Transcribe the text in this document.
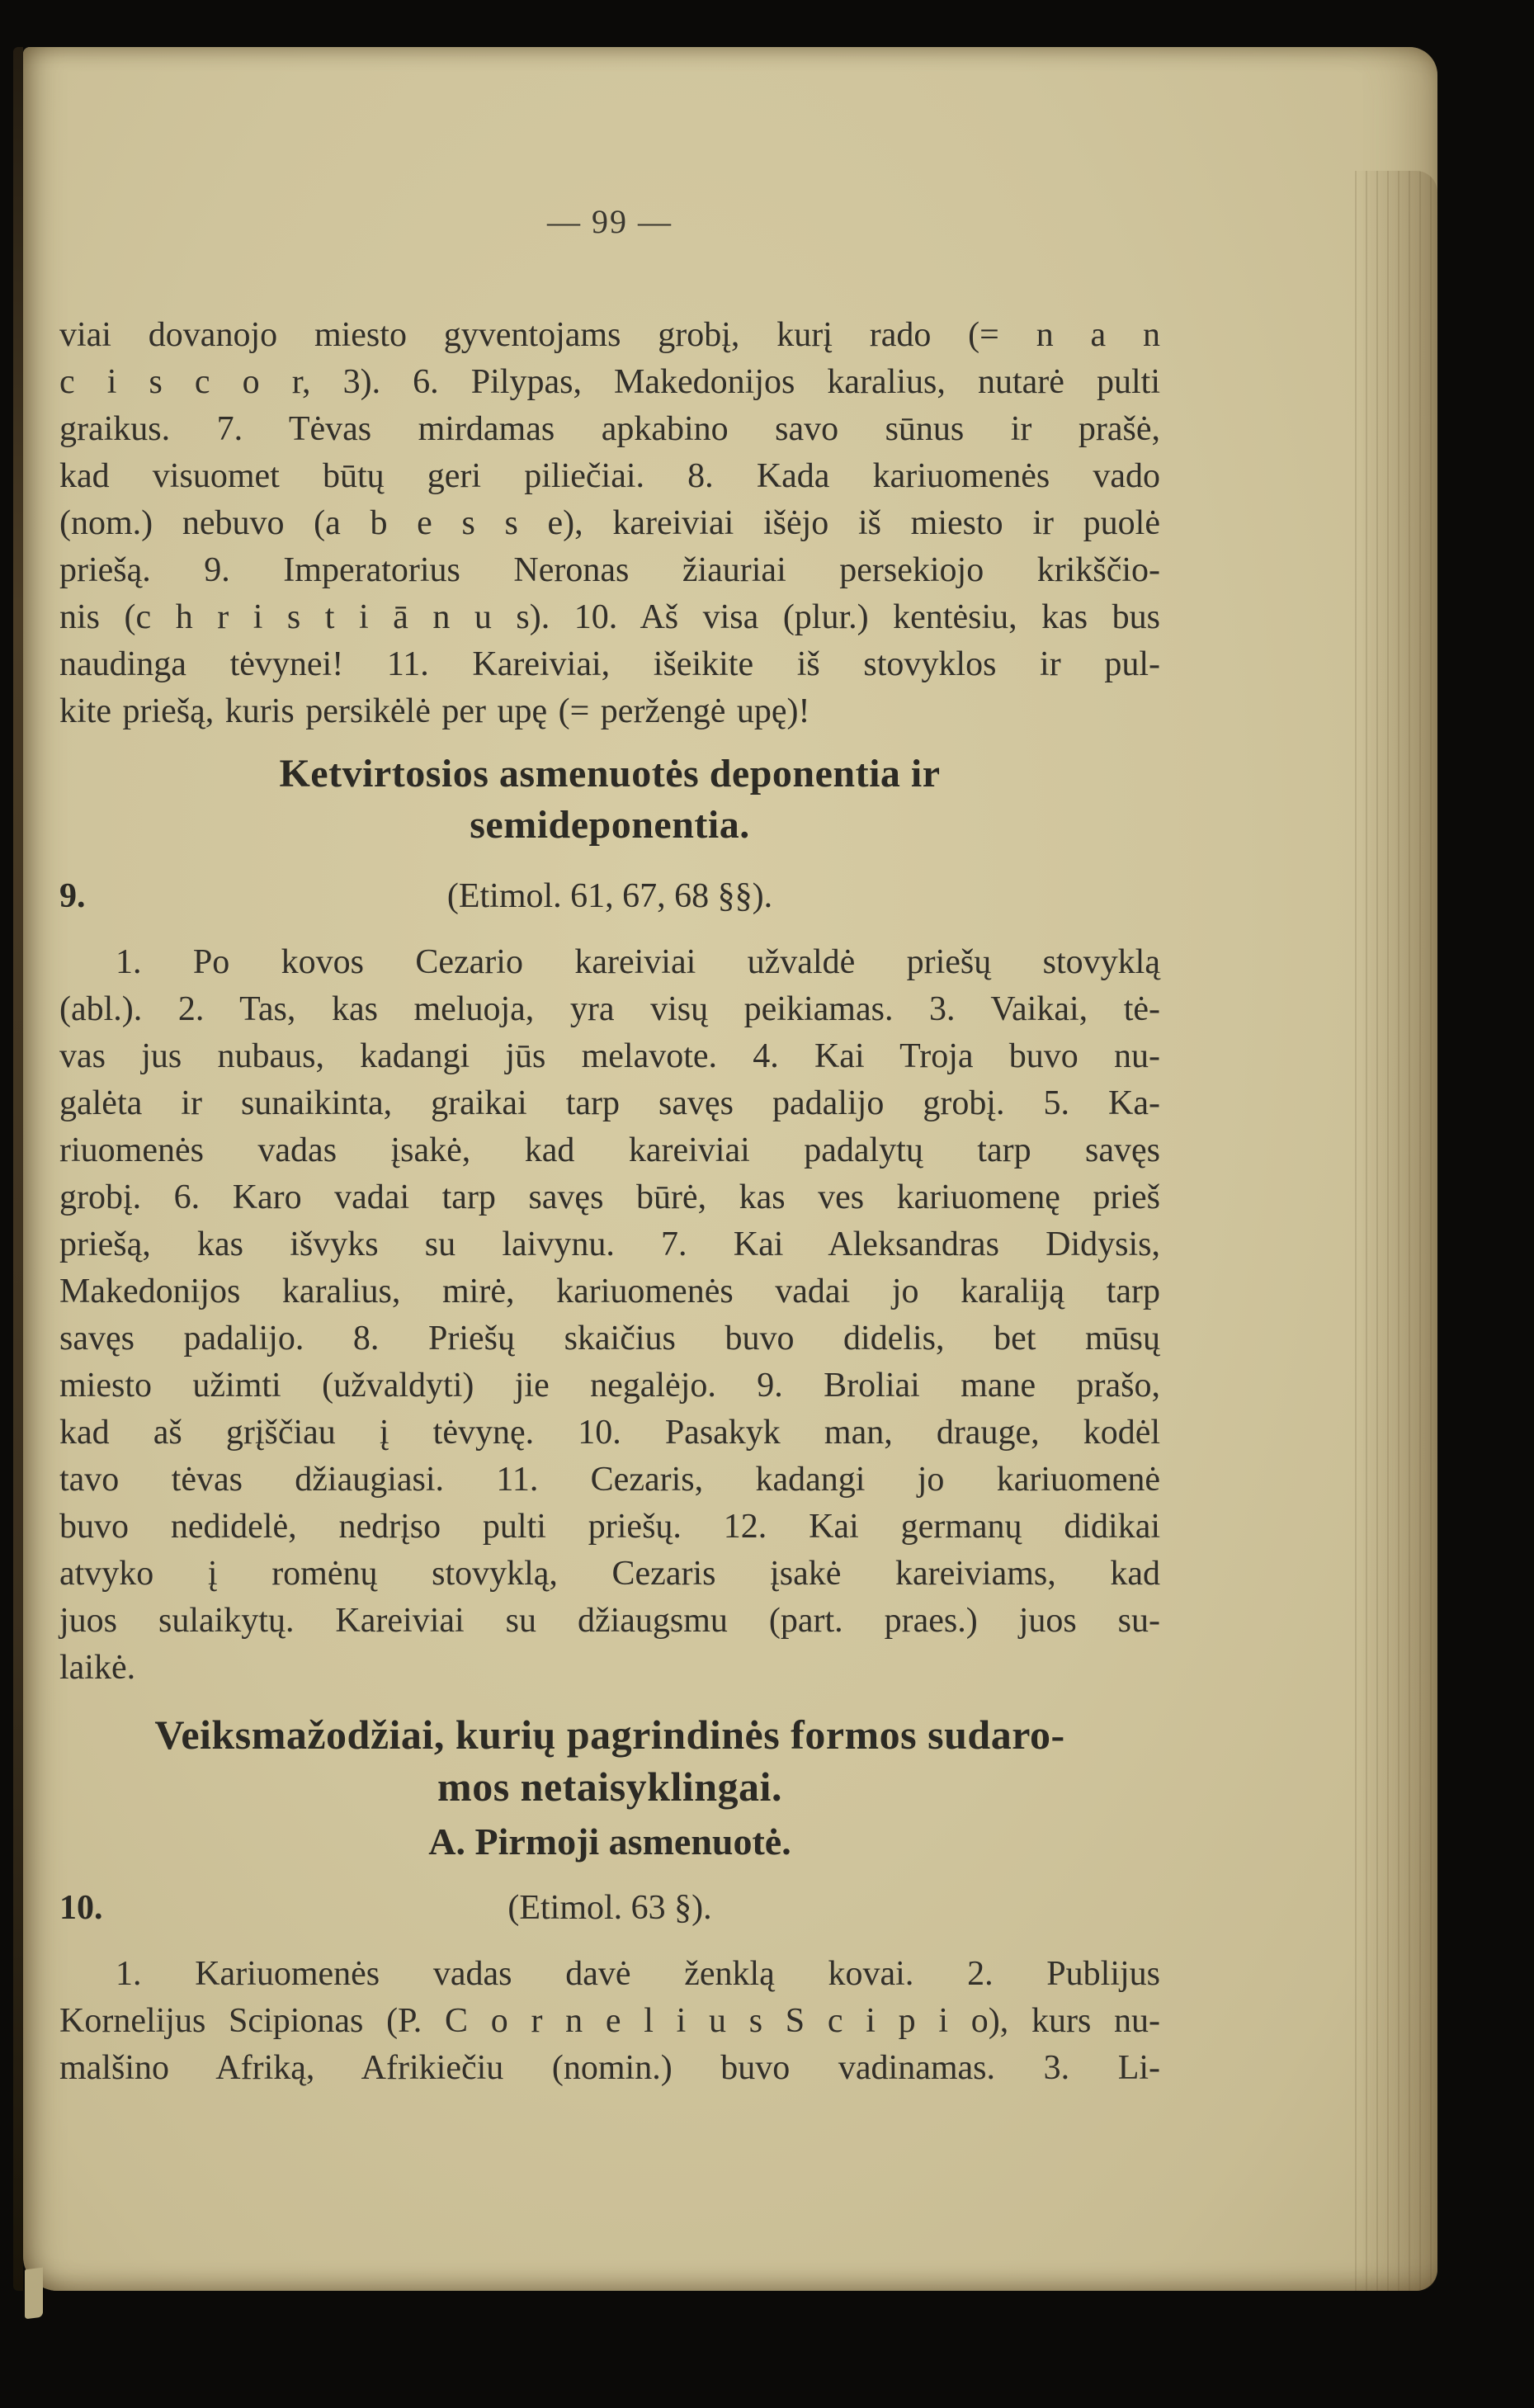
— 99 —
viai dovanojo miesto gyventojams grobį, kurį rado (= n a n
c i s c o r, 3). 6. Pilypas, Makedonijos karalius, nutarė pulti
graikus. 7. Tėvas mirdamas apkabino savo sūnus ir prašė,
kad visuomet būtų geri piliečiai. 8. Kada kariuomenės vado
(nom.) nebuvo (a b e s s e), kareiviai išėjo iš miesto ir puolė
priešą. 9. Imperatorius Neronas žiauriai persekiojo krikščio-
nis (c h r i s t i ā n u s). 10. Aš visa (plur.) kentėsiu, kas bus
naudinga tėvynei! 11. Kareiviai, išeikite iš stovyklos ir pul-
kite priešą, kuris persikėlė per upę (= peržengė upę)!
Ketvirtosios asmenuotės deponentia ir
semideponentia.
9.	(Etimol. 61, 67, 68 §§).
1. Po kovos Cezario kareiviai užvaldė priešų stovyklą
(abl.). 2. Tas, kas meluoja, yra visų peikiamas. 3. Vaikai, tė-
vas jus nubaus, kadangi jūs melavote. 4. Kai Troja buvo nu-
galėta ir sunaikinta, graikai tarp savęs padalijo grobį. 5. Ka-
riuomenės vadas įsakė, kad kareiviai padalytų tarp savęs
grobį. 6. Karo vadai tarp savęs būrė, kas ves kariuomenę prieš
priešą, kas išvyks su laivynu. 7. Kai Aleksandras Didysis,
Makedonijos karalius, mirė, kariuomenės vadai jo karaliją tarp
savęs padalijo. 8. Priešų skaičius buvo didelis, bet mūsų
miesto užimti (užvaldyti) jie negalėjo. 9. Broliai mane prašo,
kad aš grįščiau į tėvynę. 10. Pasakyk man, drauge, kodėl
tavo tėvas džiaugiasi. 11. Cezaris, kadangi jo kariuomenė
buvo nedidelė, nedrįso pulti priešų. 12. Kai germanų didikai
atvyko į romėnų stovyklą, Cezaris įsakė kareiviams, kad
juos sulaikytų. Kareiviai su džiaugsmu (part. praes.) juos su-
laikė.
Veiksmažodžiai, kurių pagrindinės formos sudaro-
mos netaisyklingai.
A. Pirmoji asmenuotė.
10.	(Etimol. 63 §).
1. Kariuomenės vadas davė ženklą kovai. 2. Publijus
Kornelijus Scipionas (P. C o r n e l i u s S c i p i o), kurs nu-
malšino Afriką, Afrikiečiu (nomin.) buvo vadinamas. 3. Li-
